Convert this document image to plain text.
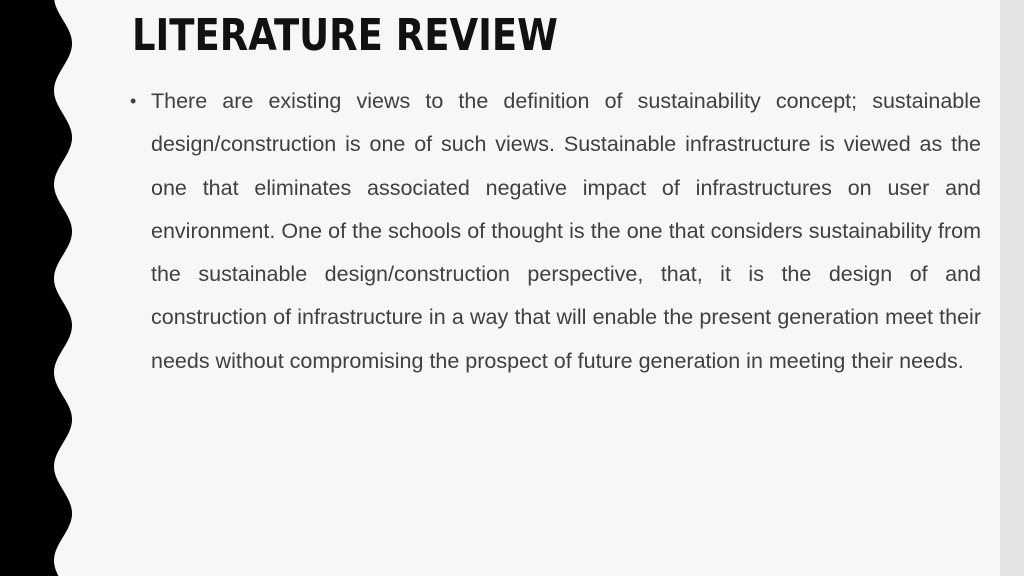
LITERATURE REVIEW
• There are existing views to the definition of sustainability concept; sustainable design/construction is one of such views. Sustainable infrastructure is viewed as the one that eliminates associated negative impact of infrastructures on user and environment. One of the schools of thought is the one that considers sustainability from the sustainable design/construction perspective, that, it is the design of and construction of infrastructure in a way that will enable the present generation meet their needs without compromising the prospect of future generation in meeting their needs.
